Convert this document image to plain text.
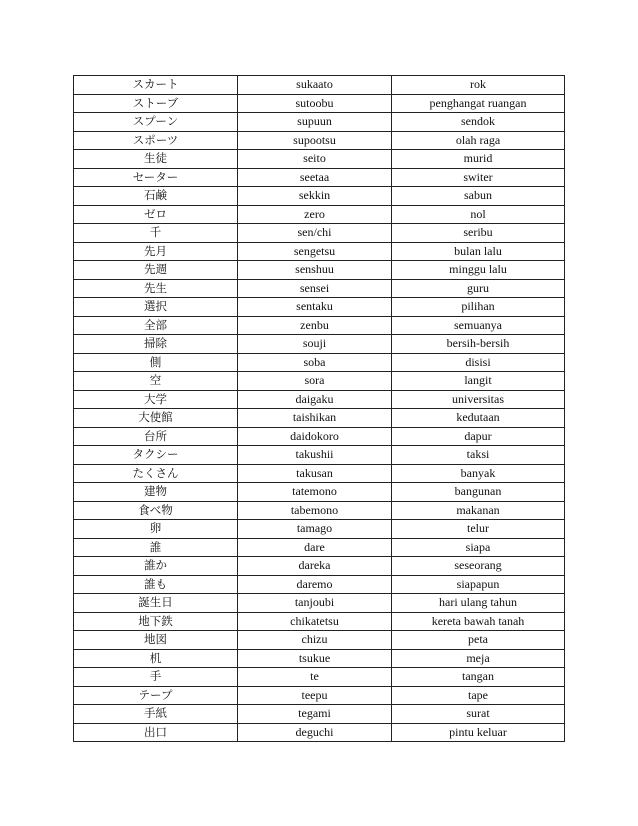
スカート	sukaato	rok
ストーブ	sutoobu	penghangat ruangan
スプーン	supuun	sendok
スポーツ	supootsu	olah raga
生徒	seito	murid
セーター	seetaa	switer
石鹸	sekkin	sabun
ゼロ	zero	nol
千	sen/chi	seribu
先月	sengetsu	bulan lalu
先週	senshuu	minggu lalu
先生	sensei	guru
選択	sentaku	pilihan
全部	zenbu	semuanya
掃除	souji	bersih-bersih
側	soba	disisi
空	sora	langit
大学	daigaku	universitas
大使館	taishikan	kedutaan
台所	daidokoro	dapur
タクシー	takushii	taksi
たくさん	takusan	banyak
建物	tatemono	bangunan
食べ物	tabemono	makanan
卵	tamago	telur
誰	dare	siapa
誰か	dareka	seseorang
誰も	daremo	siapapun
誕生日	tanjoubi	hari ulang tahun
地下鉄	chikatetsu	kereta bawah tanah
地図	chizu	peta
机	tsukue	meja
手	te	tangan
テープ	teepu	tape
手紙	tegami	surat
出口	deguchi	pintu keluar
